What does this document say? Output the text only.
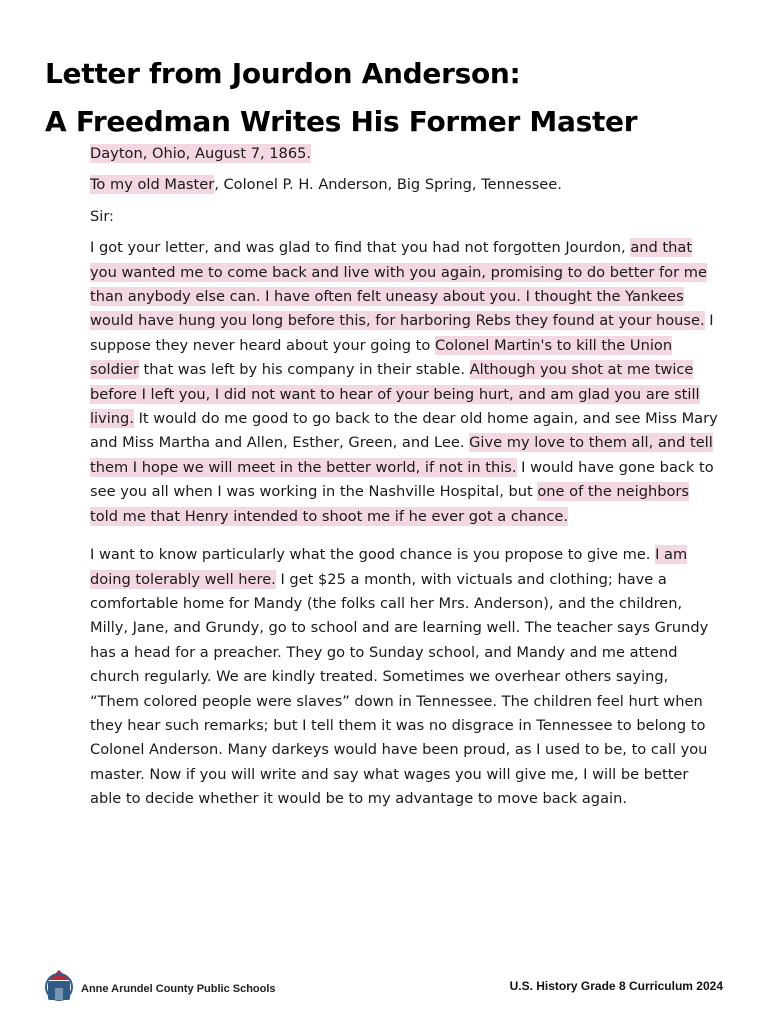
Letter from Jourdon Anderson:
A Freedman Writes His Former Master

Dayton, Ohio, August 7, 1865.

To my old Master, Colonel P. H. Anderson, Big Spring, Tennessee.

Sir:

I got your letter, and was glad to find that you had not forgotten Jourdon, and that you wanted me to come back and live with you again, promising to do better for me than anybody else can. I have often felt uneasy about you. I thought the Yankees would have hung you long before this, for harboring Rebs they found at your house. I suppose they never heard about your going to Colonel Martin's to kill the Union soldier that was left by his company in their stable. Although you shot at me twice before I left you, I did not want to hear of your being hurt, and am glad you are still living. It would do me good to go back to the dear old home again, and see Miss Mary and Miss Martha and Allen, Esther, Green, and Lee. Give my love to them all, and tell them I hope we will meet in the better world, if not in this. I would have gone back to see you all when I was working in the Nashville Hospital, but one of the neighbors told me that Henry intended to shoot me if he ever got a chance.

I want to know particularly what the good chance is you propose to give me. I am doing tolerably well here. I get $25 a month, with victuals and clothing; have a comfortable home for Mandy (the folks call her Mrs. Anderson), and the children, Milly, Jane, and Grundy, go to school and are learning well. The teacher says Grundy has a head for a preacher. They go to Sunday school, and Mandy and me attend church regularly. We are kindly treated. Sometimes we overhear others saying, “Them colored people were slaves” down in Tennessee. The children feel hurt when they hear such remarks; but I tell them it was no disgrace in Tennessee to belong to Colonel Anderson. Many darkeys would have been proud, as I used to be, to call you master. Now if you will write and say what wages you will give me, I will be better able to decide whether it would be to my advantage to move back again.

Anne Arundel County Public Schools	U.S. History Grade 8 Curriculum 2024
